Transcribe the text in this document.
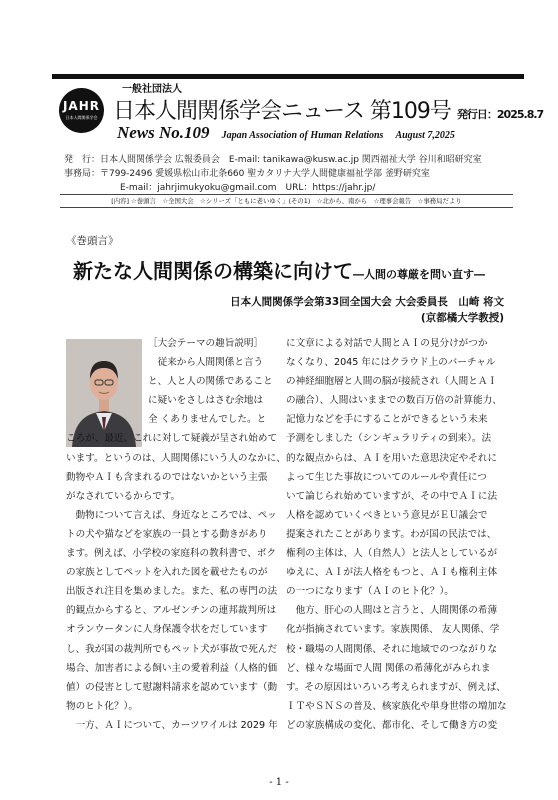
JAHR
日本人間関係学会
一般社団法人
日本人間関係学会ニュース 第109号 発行日：2025.8.7
News No.109 Japan Association of Human Relations August 7,2025
発　行：日本人間関係学会 広報委員会　E-mail: tanikawa@kusw.ac.jp 関西福祉大学 谷川和昭研究室
事務局：〒799-2496 愛媛県松山市北条660 聖カタリナ大学人間健康福祉学部 釜野研究室
E-mail：jahrjimukyoku@gmail.com　URL：https://jahr.jp/
[内容] ☆巻頭言　☆全国大会　☆シリーズ「ともに老いゆく」(その1)　☆北から、南から　☆理事会報告　☆事務局だより
《巻頭言》
新たな人間関係の構築に向けて―人間の尊厳を問い直す―
日本人間関係学会第33回全国大会 大会委員長　山崎 将文
(京都橘大学教授)
［大会テーマの趣旨説明］
　従来から人間関係と言う
と、人と人の関係であること
に疑いをさしはさむ余地は
全 くありませんでした。と
ころが、最近、これに対して疑義が呈され始めて
います。というのは、人間関係にいう人のなかに、
動物やＡＩも含まれるのではないかという主張
がなされているからです。
　動物について言えば、身近なところでは、ペッ
トの犬や猫などを家族の一員とする動きがあり
ます。例えば、小学校の家庭科の教科書で、ボク
の家族としてペットを入れた図を載せたものが
出版され注目を集めました。また、私の専門の法
的観点からすると、アルゼンチンの連邦裁判所は
オランウータンに人身保護令状をだしています
し、我が国の裁判所でもペット犬が事故で死んだ
場合、加害者による飼い主の愛着利益（人格的価
値）の侵害として慰謝料請求を認めています（動
物のヒト化？）。
　一方、ＡＩについて、カーツワイルは 2029 年
に文章による対話で人間とＡＩの見分けがつか
なくなり、2045 年にはクラウド上のバーチャル
の神経細胞層と人間の脳が接続され（人間とＡＩ
の融合）、人間はいままでの数百万倍の計算能力、
記憶力などを手にすることができるという未来
予測をしました（シンギュラリティの到来）。法
的な観点からは、ＡＩを用いた意思決定やそれに
よって生じた事故についてのルールや責任につ
いて論じられ始めていますが、その中でＡＩに法
人格を認めていくべきという意見がＥＵ議会で
提案されたことがあります。わが国の民法では、
権利の主体は、人（自然人）と法人としているが
ゆえに、ＡＩが法人格をもつと、ＡＩも権利主体
の一つになります（ＡＩのヒト化？）。
　他方、肝心の人間はと言うと、人間関係の希薄
化が指摘されています。家族関係、 友人関係、学
校・職場の人間関係、それに地域でのつながりな
ど、様々な場面で人間 関係の希薄化がみられま
す。その原因はいろいろ考えられますが、例えば、
ＩＴやＳＮＳの普及、核家族化や単身世帯の増加な
どの家族構成の変化、都市化、そして働き方の変
- 1 -
